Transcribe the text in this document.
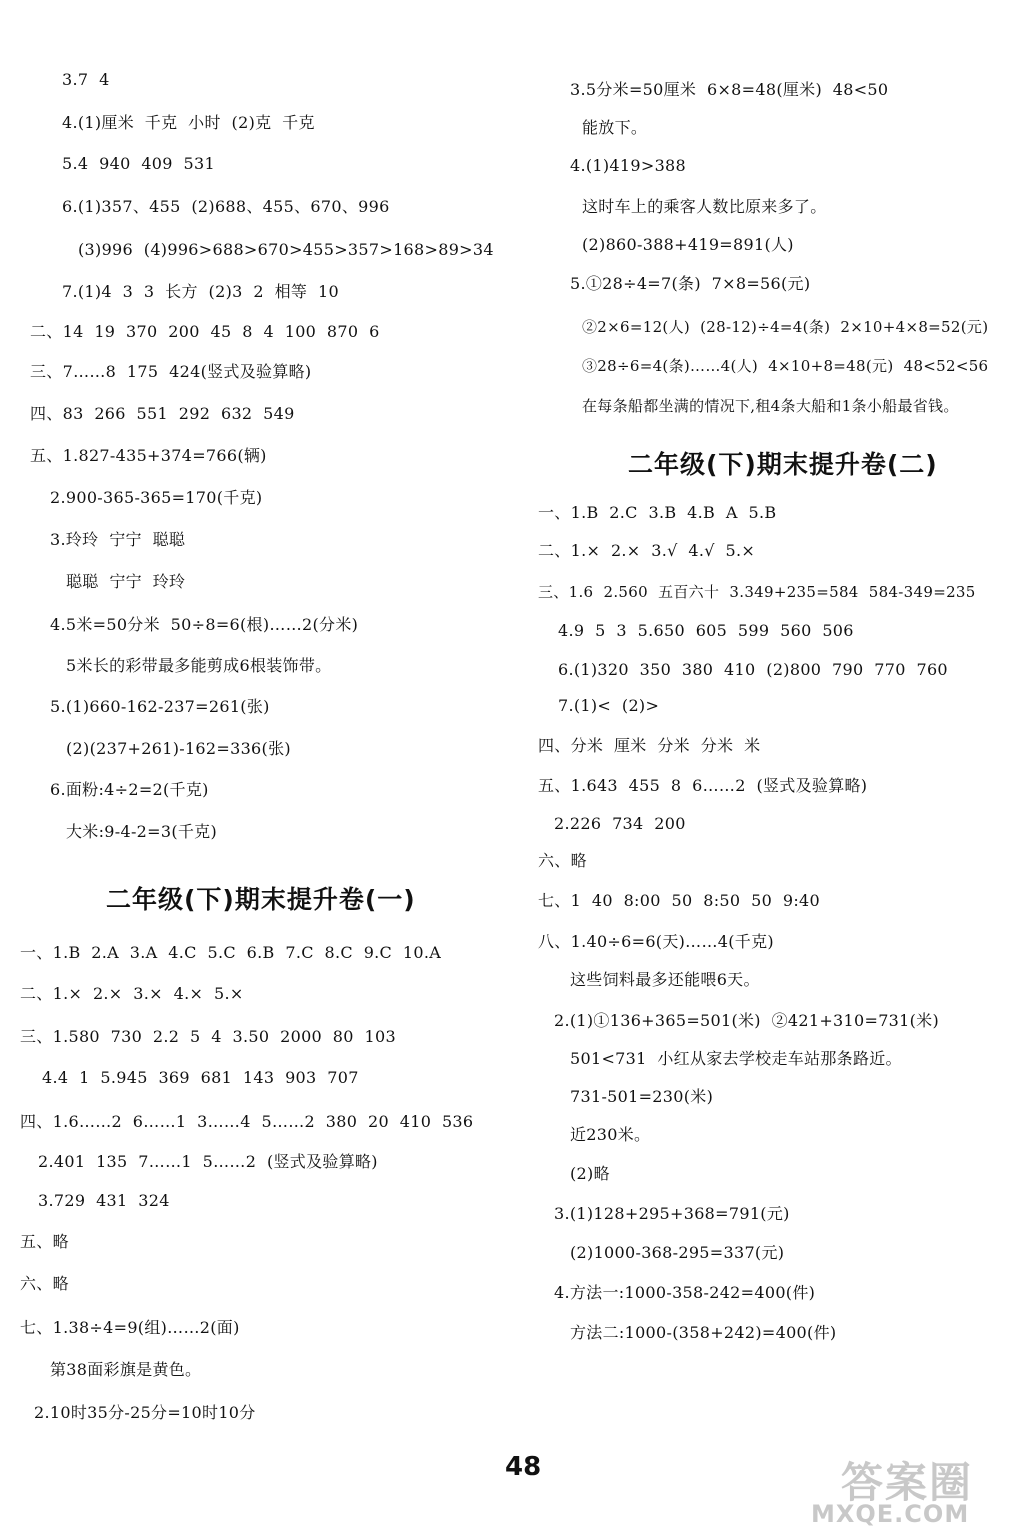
3.7  4
4.(1)厘米  千克  小时  (2)克  千克
5.4  940  409  531
6.(1)357、455  (2)688、455、670、996
(3)996  (4)996>688>670>455>357>168>89>34
7.(1)4  3  3  长方  (2)3  2  相等  10
二、14  19  370  200  45  8  4  100  870  6
三、7……8  175  424(竖式及验算略)
四、83  266  551  292  632  549
五、1.827-435+374=766(辆)
2.900-365-365=170(千克)
3.玲玲  宁宁  聪聪
聪聪  宁宁  玲玲
4.5米=50分米  50÷8=6(根)……2(分米)
5米长的彩带最多能剪成6根装饰带。
5.(1)660-162-237=261(张)
(2)(237+261)-162=336(张)
6.面粉:4÷2=2(千克)
大米:9-4-2=3(千克)
二年级(下)期末提升卷(一)
一、1.B  2.A  3.A  4.C  5.C  6.B  7.C  8.C  9.C  10.A
二、1.×  2.×  3.×  4.×  5.×
三、1.580  730  2.2  5  4  3.50  2000  80  103
4.4  1  5.945  369  681  143  903  707
四、1.6……2  6……1  3……4  5……2  380  20  410  536
2.401  135  7……1  5……2  (竖式及验算略)
3.729  431  324
五、略
六、略
七、1.38÷4=9(组)……2(面)
第38面彩旗是黄色。
2.10时35分-25分=10时10分
3.5分米=50厘米  6×8=48(厘米)  48<50
能放下。
4.(1)419>388
这时车上的乘客人数比原来多了。
(2)860-388+419=891(人)
5.①28÷4=7(条)  7×8=56(元)
②2×6=12(人)  (28-12)÷4=4(条)  2×10+4×8=52(元)
③28÷6=4(条)……4(人)  4×10+8=48(元)  48<52<56
在每条船都坐满的情况下,租4条大船和1条小船最省钱。
二年级(下)期末提升卷(二)
一、1.B  2.C  3.B  4.B  A  5.B
二、1.×  2.×  3.√  4.√  5.×
三、1.6  2.560  五百六十  3.349+235=584  584-349=235
4.9  5  3  5.650  605  599  560  506
6.(1)320  350  380  410  (2)800  790  770  760
7.(1)<  (2)>
四、分米  厘米  分米  分米  米
五、1.643  455  8  6……2  (竖式及验算略)
2.226  734  200
六、略
七、1  40  8:00  50  8:50  50  9:40
八、1.40÷6=6(天)……4(千克)
这些饲料最多还能喂6天。
2.(1)①136+365=501(米)  ②421+310=731(米)
501<731  小红从家去学校走车站那条路近。
731-501=230(米)
近230米。
(2)略
3.(1)128+295+368=791(元)
(2)1000-368-295=337(元)
4.方法一:1000-358-242=400(件)
方法二:1000-(358+242)=400(件)
48	答案圈
MXQE.COM
